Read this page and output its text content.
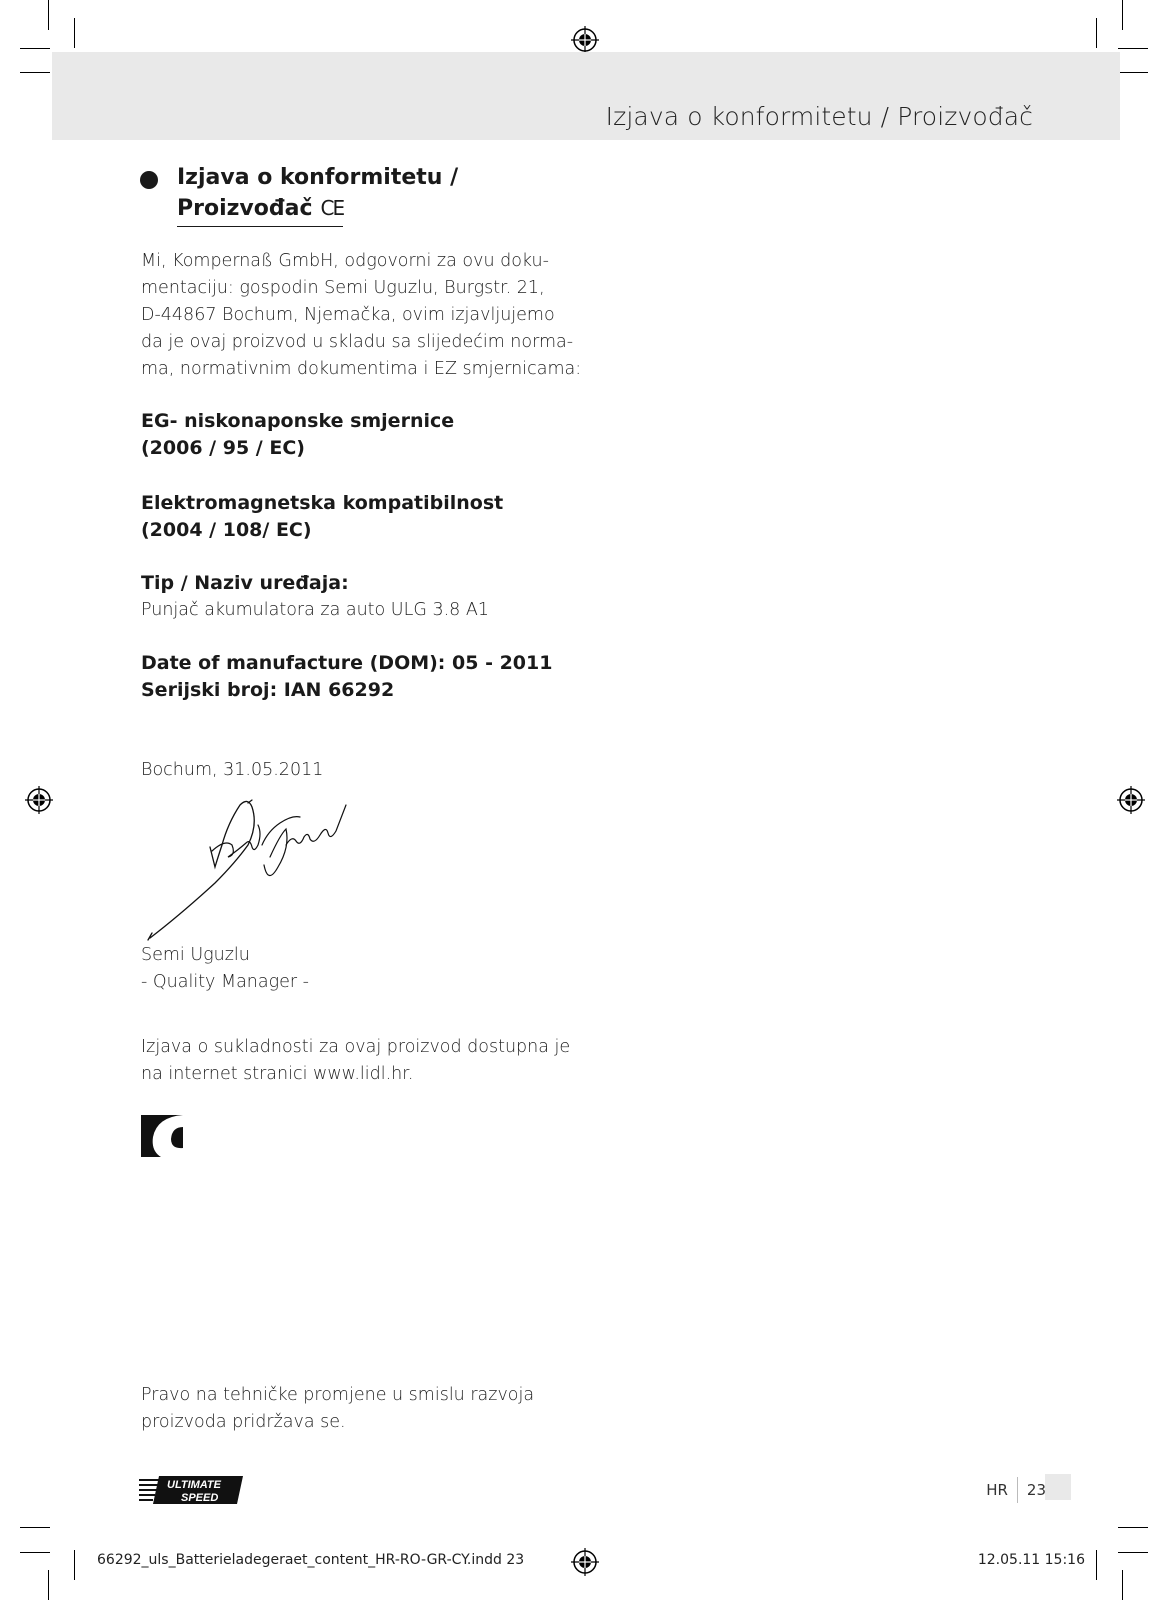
Izjava o konformitetu / Proizvođač
Izjava o konformitetu /
Proizvođač CE
Mi, Kompernaß GmbH, odgovorni za ovu doku-
mentaciju: gospodin Semi Uguzlu, Burgstr. 21,
D-44867 Bochum, Njemačka, ovim izjavljujemo
da je ovaj proizvod u skladu sa slijedećim norma-
ma, normativnim dokumentima i EZ smjernicama:
EG- niskonaponske smjernice
(2006 / 95 / EC)
Elektromagnetska kompatibilnost
(2004 / 108/ EC)
Tip / Naziv uređaja:
Punjač akumulatora za auto ULG 3.8 A1
Date of manufacture (DOM): 05 - 2011
Serijski broj: IAN 66292
Bochum, 31.05.2011
Semi Uguzlu
- Quality Manager -
Izjava o sukladnosti za ovaj proizvod dostupna je
na internet stranici www.lidl.hr.
Pravo na tehničke promjene u smislu razvoja
proizvoda pridržava se.
ULTIMATE
SPEED	HR 23
66292_uls_Batterieladegeraet_content_HR-RO-GR-CY.indd 23	12.05.11 15:16
